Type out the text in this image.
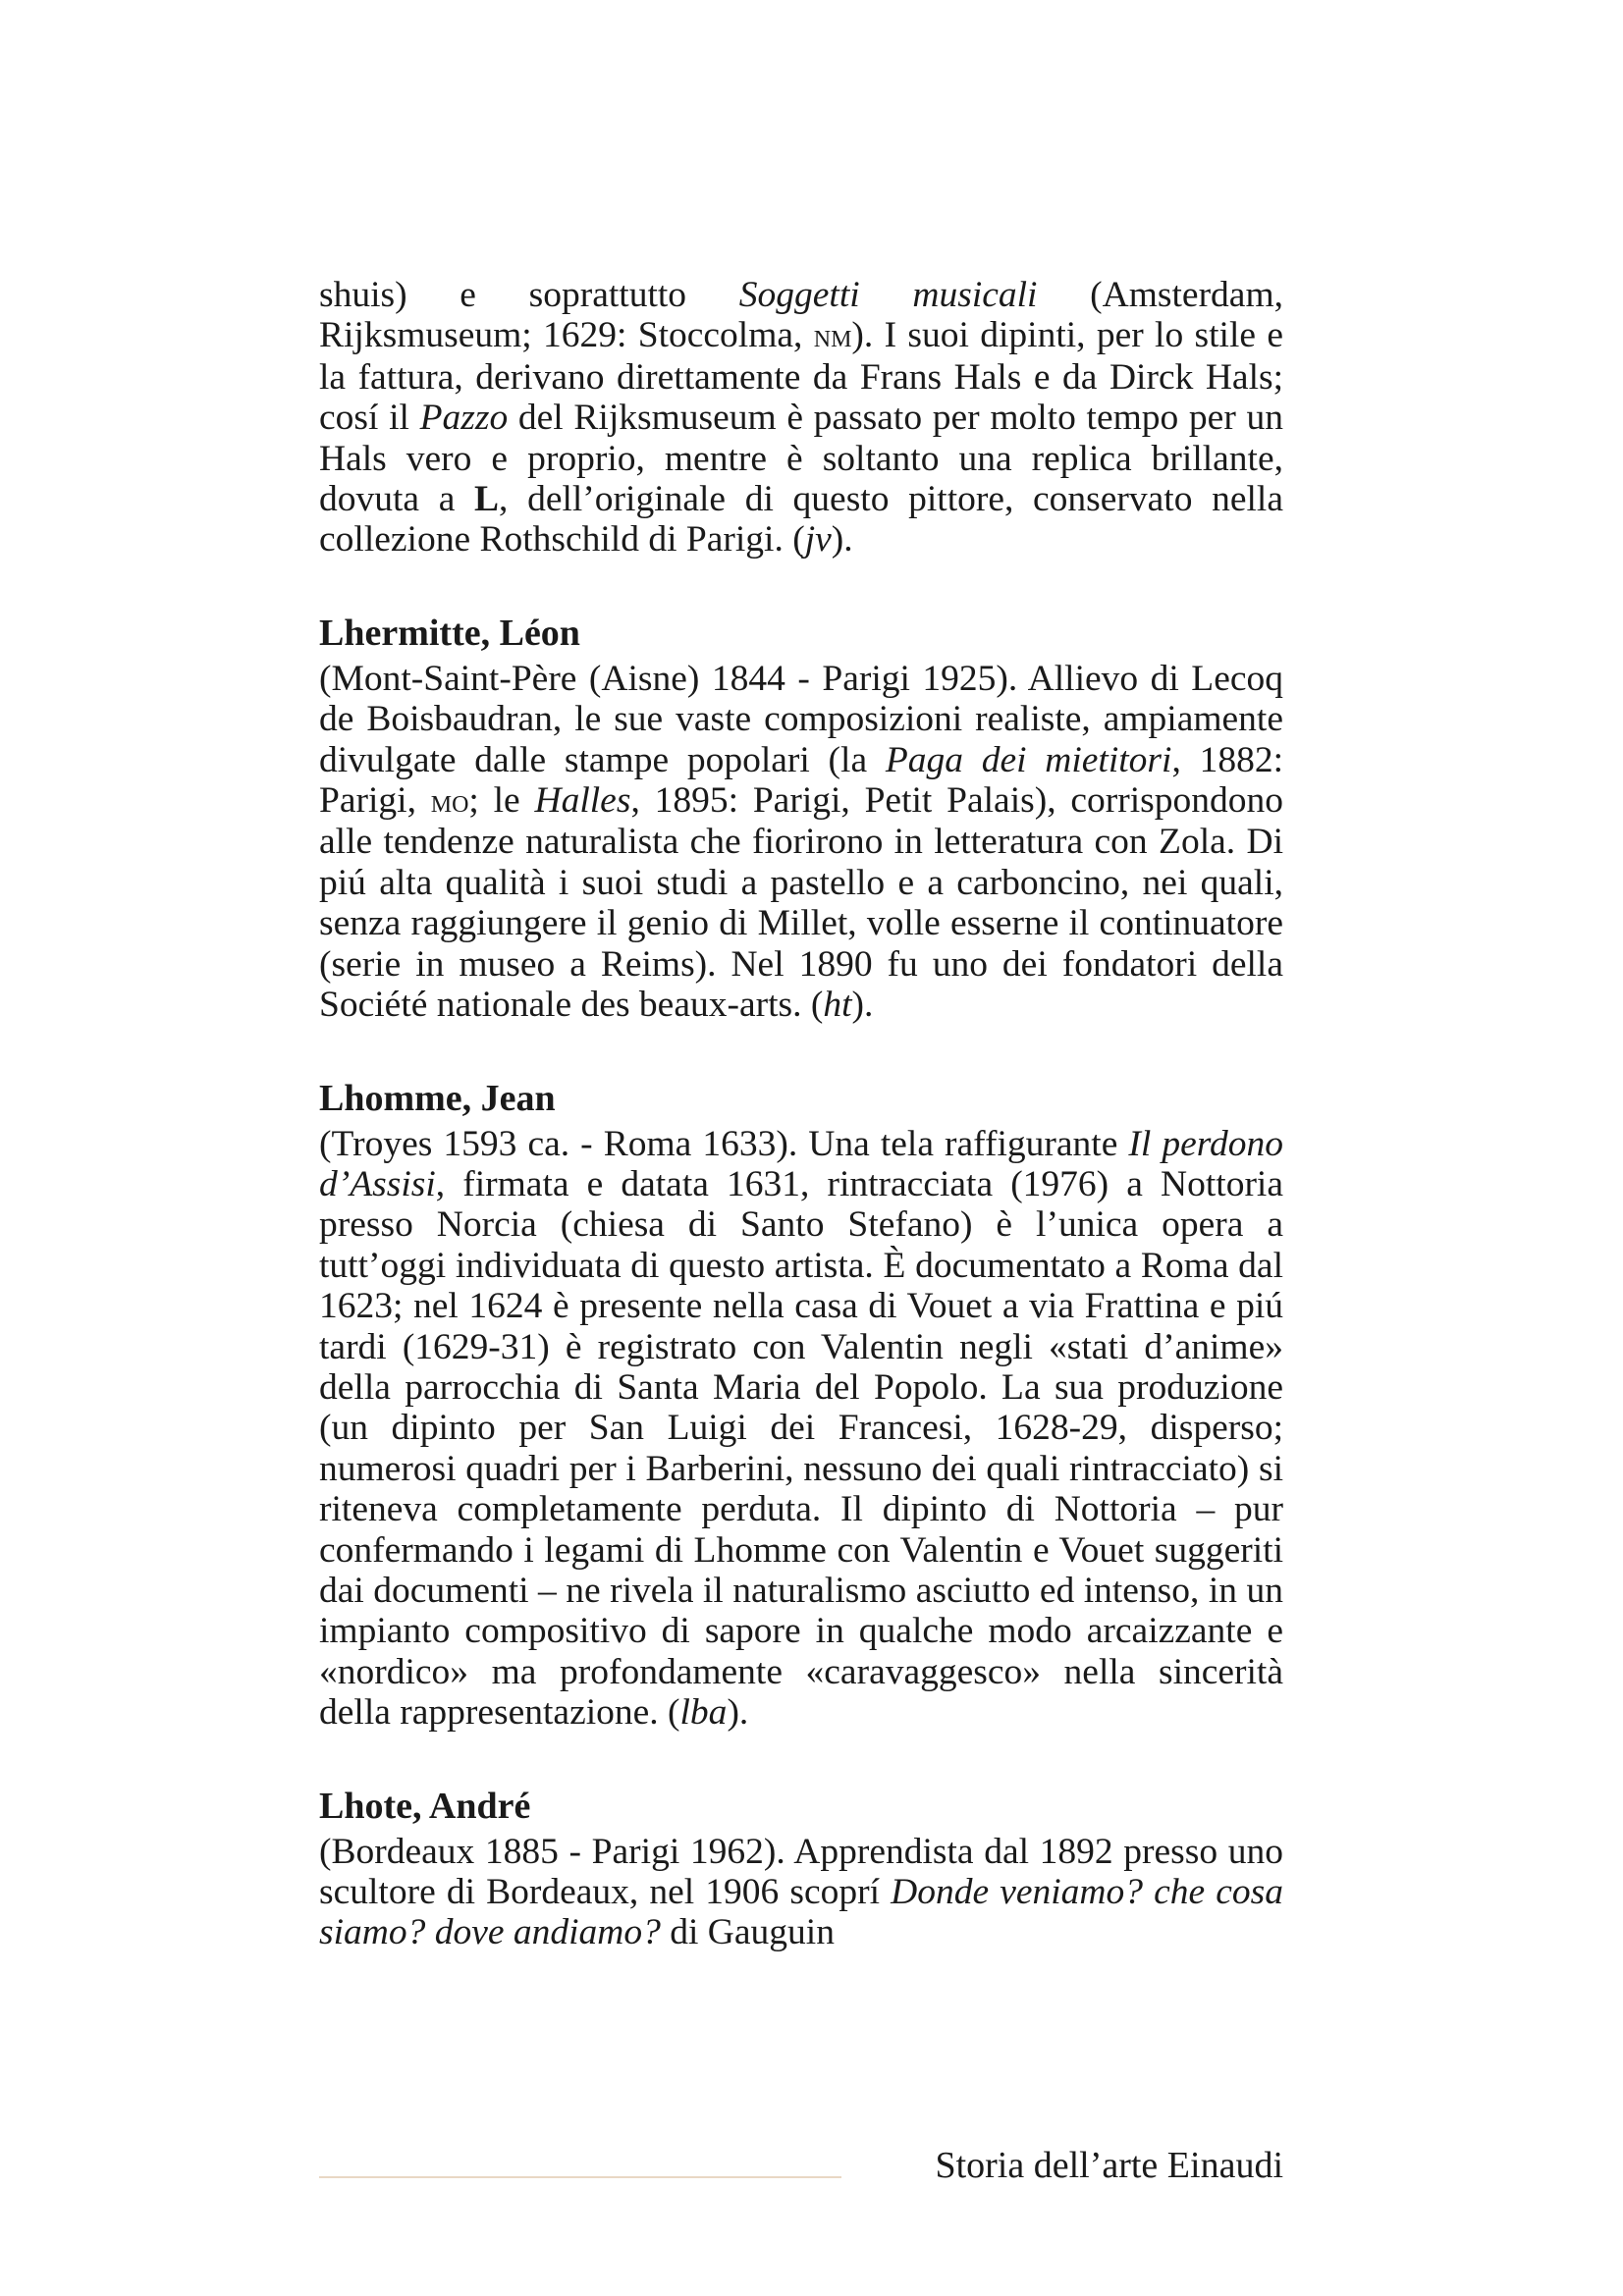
shuis) e soprattutto Soggetti musicali (Amsterdam, Rijksmuseum; 1629: Stoccolma, nm). I suoi dipinti, per lo stile e la fattura, derivano direttamente da Frans Hals e da Dirck Hals; cosí il Pazzo del Rijksmuseum è passato per molto tempo per un Hals vero e proprio, mentre è soltanto una replica brillante, dovuta a L, dell’originale di questo pittore, conservato nella collezione Rothschild di Parigi. (jv).

Lhermitte, Léon

(Mont-Saint-Père (Aisne) 1844 - Parigi 1925). Allievo di Lecoq de Boisbaudran, le sue vaste composizioni realiste, ampiamente divulgate dalle stampe popolari (la Paga dei mietitori, 1882: Parigi, mo; le Halles, 1895: Parigi, Petit Palais), corrispondono alle tendenze naturalista che fiorirono in letteratura con Zola. Di piú alta qualità i suoi studi a pastello e a carboncino, nei quali, senza raggiungere il genio di Millet, volle esserne il continuatore (serie in museo a Reims). Nel 1890 fu uno dei fondatori della Société nationale des beaux-arts. (ht).

Lhomme, Jean

(Troyes 1593 ca. - Roma 1633). Una tela raffigurante Il perdono d’Assisi, firmata e datata 1631, rintracciata (1976) a Nottoria presso Norcia (chiesa di Santo Stefano) è l’unica opera a tutt’oggi individuata di questo artista. È documentato a Roma dal 1623; nel 1624 è presente nella casa di Vouet a via Frattina e piú tardi (1629-31) è registrato con Valentin negli «stati d’anime» della parrocchia di Santa Maria del Popolo. La sua produzione (un dipinto per San Luigi dei Francesi, 1628-29, disperso; numerosi quadri per i Barberini, nessuno dei quali rintracciato) si riteneva completamente perduta. Il dipinto di Nottoria – pur confermando i legami di Lhomme con Valentin e Vouet suggeriti dai documenti – ne rivela il naturalismo asciutto ed intenso, in un impianto compositivo di sapore in qualche modo arcaizzante e «nordico» ma profondamente «caravaggesco» nella sincerità della rappresentazione. (lba).

Lhote, André

(Bordeaux 1885 - Parigi 1962). Apprendista dal 1892 presso uno scultore di Bordeaux, nel 1906 scoprí Donde veniamo? che cosa siamo? dove andiamo? di Gauguin

Storia dell’arte Einaudi
